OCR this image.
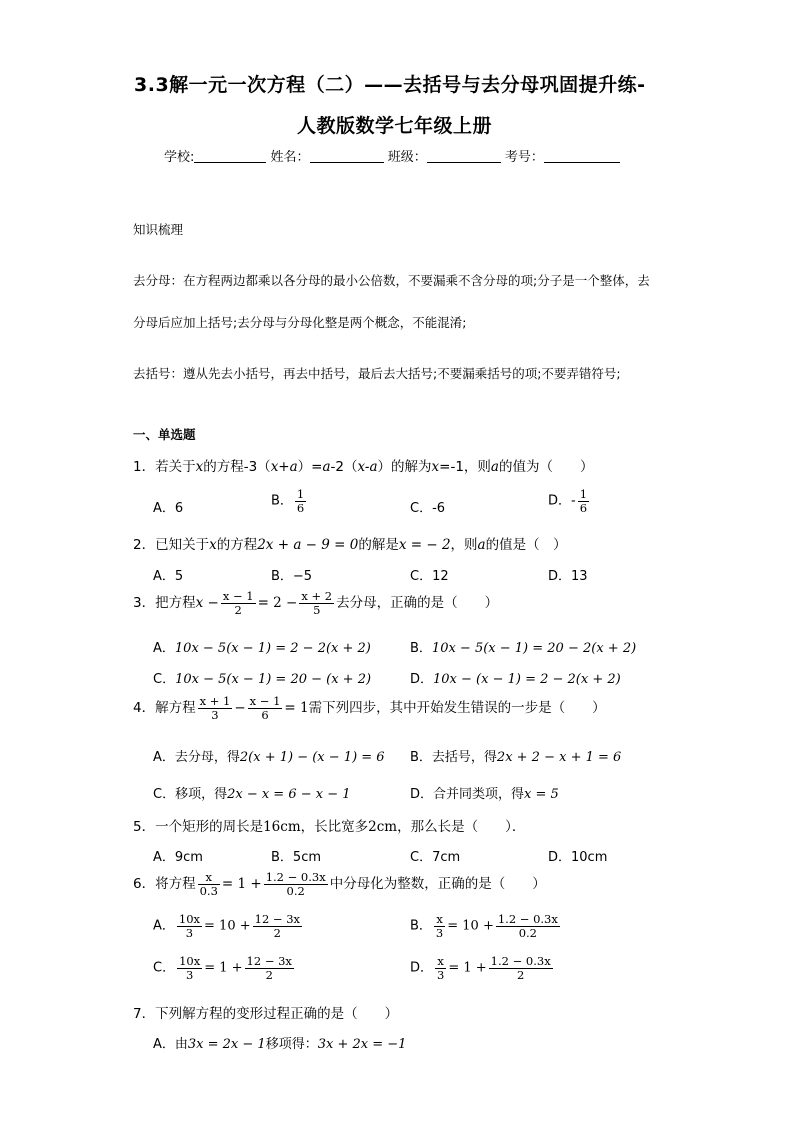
3.3解一元一次方程（二）——去括号与去分母巩固提升练-
人教版数学七年级上册
学校:	姓名：	班级：	考号：
知识梳理
去分母：在方程两边都乘以各分母的最小公倍数，不要漏乘不含分母的项;分子是一个整体，去
分母后应加上括号;去分母与分母化整是两个概念，不能混淆;
去括号：遵从先去小括号，再去中括号，最后去大括号;不要漏乘括号的项;不要弄错符号;
一、单选题
1．若关于x的方程-3（x+a）=a-2（x-a）的解为x=-1，则a的值为（　　）
A．6	B． $\frac{1}{6}$	C．-6	D．- $\frac{1}{6}$
2．已知关于x的方程2x + a − 9 = 0的解是x = − 2，则a的值是（　）
A．5	B．−5	C．12	D．13
3．把方程$x - \frac{x - 1}{2} = 2 - \frac{x + 2}{5}$ 去分母，正确的是（　　）
A．10x − 5(x − 1) = 2 − 2(x + 2)	B．10x − 5(x − 1) = 20 − 2(x + 2)
C．10x − 5(x − 1) = 20 − (x + 2)	D．10x − (x − 1) = 2 − 2(x + 2)
4．解方程 $\frac{x + 1}{3} - \frac{x - 1}{6} = 1$需下列四步，其中开始发生错误的一步是（　　）
A．去分母，得2(x + 1) − (x − 1) = 6 B．去括号，得2x + 2 − x + 1 = 6
C．移项，得2x − x = 6 − x − 1	D．合并同类项，得x = 5
5．一个矩形的周长是16cm，长比宽多2cm，那么长是（　　）．
A．9cm	B．5cm	C．7cm	D．10cm
6．将方程 $\frac{x}{0.3} = 1 + \frac{1.2 - 0.3x}{0.2}$ 中分母化为整数，正确的是（　　）
A． $\frac{10x}{3} = 10 + \frac{12 - 3x}{2}$	B． $\frac{x}{3} = 10 + \frac{1.2 - 0.3x}{0.2}$
C． $\frac{10x}{3} = 1 + \frac{12 - 3x}{2}$	D． $\frac{x}{3} = 1 + \frac{1.2 - 0.3x}{2}$
7．下列解方程的变形过程正确的是（　　）
A．由3x = 2x − 1移项得：3x + 2x = −1
